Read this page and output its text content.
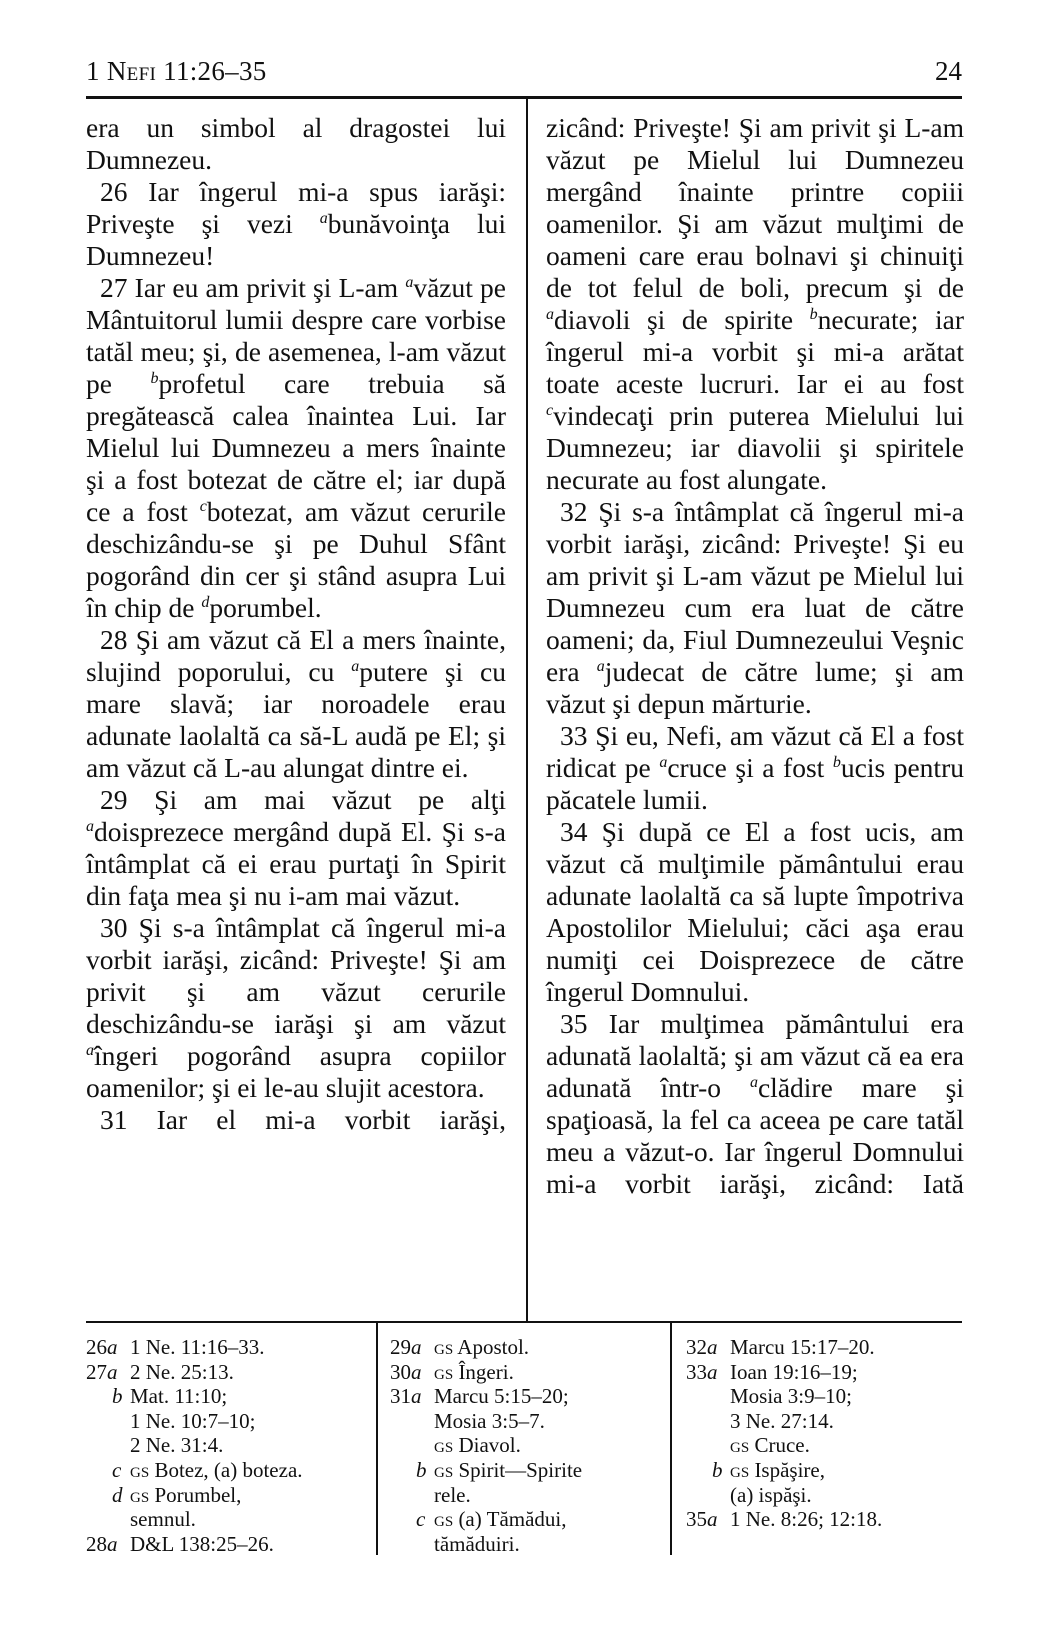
1 Nefi 11:26–35	24

era un simbol al dragostei lui Dumnezeu.

26 Iar îngerul mi-a spus iarăşi: Priveşte şi vezi $^a$bunăvoinţa lui Dumnezeu!

27 Iar eu am privit şi L-am $^a$văzut pe Mântuitorul lumii despre care vorbise tatăl meu; şi, de asemenea, l-am văzut pe $^b$profetul care trebuia să pregătească calea înaintea Lui. Iar Mielul lui Dumnezeu a mers înainte şi a fost botezat de către el; iar după ce a fost $^c$botezat, am văzut cerurile deschizându-se şi pe Duhul Sfânt pogorând din cer şi stând asupra Lui în chip de $^d$porumbel.

28 Şi am văzut că El a mers înainte, slujind poporului, cu $^a$putere şi cu mare slavă; iar noroadele erau adunate laolaltă ca să-L audă pe El; şi am văzut că L-au alungat dintre ei.

29 Şi am mai văzut pe alţi $^a$doisprezece mergând după El. Şi s-a întâmplat că ei erau purtaţi în Spirit din faţa mea şi nu i-am mai văzut.

30 Şi s-a întâmplat că îngerul mi-a vorbit iarăşi, zicând: Priveşte! Şi am privit şi am văzut cerurile deschizându-se iarăşi şi am văzut $^a$îngeri pogorând asupra copiilor oamenilor; şi ei le-au slujit acestora.

31 Iar el mi-a vorbit iarăşi,

zicând: Priveşte! Şi am privit şi L-am văzut pe Mielul lui Dumnezeu mergând înainte printre copiii oamenilor. Şi am văzut mulţimi de oameni care erau bolnavi şi chinuiţi de tot felul de boli, precum şi de $^a$diavoli şi de spirite $^b$necurate; iar îngerul mi-a vorbit şi mi-a arătat toate aceste lucruri. Iar ei au fost $^c$vindecaţi prin puterea Mielului lui Dumnezeu; iar diavolii şi spiritele necurate au fost alungate.

32 Şi s-a întâmplat că îngerul mi-a vorbit iarăşi, zicând: Priveşte! Şi eu am privit şi L-am văzut pe Mielul lui Dumnezeu cum era luat de către oameni; da, Fiul Dumnezeului Veşnic era $^a$judecat de către lume; şi am văzut şi depun mărturie.

33 Şi eu, Nefi, am văzut că El a fost ridicat pe $^a$cruce şi a fost $^b$ucis pentru păcatele lumii.

34 Şi după ce El a fost ucis, am văzut că mulţimile pământului erau adunate laolaltă ca să lupte împotriva Apostolilor Mielului; căci aşa erau numiţi cei Doisprezece de către îngerul Domnului.

35 Iar mulţimea pământului era adunată laolaltă; şi am văzut că ea era adunată într-o $^a$clădire mare şi spaţioasă, la fel ca aceea pe care tatăl meu a văzut-o. Iar îngerul Domnului mi-a vorbit iarăşi, zicând: Iată

26a 1 Ne. 11:16–33.
27a 2 Ne. 25:13.
b Mat. 11:10;
1 Ne. 10:7–10;
2 Ne. 31:4.
c gs Botez, (a) boteza.
d gs Porumbel,
semnul.
28a D&L 138:25–26.
29a gs Apostol.
30a gs Îngeri.
31a Marcu 5:15–20;
Mosia 3:5–7.
gs Diavol.
b gs Spirit—Spirite
rele.
c gs (a) Tămădui,
tămăduiri.
32a Marcu 15:17–20.
33a Ioan 19:16–19;
Mosia 3:9–10;
3 Ne. 27:14.
gs Cruce.
b gs Ispăşire,
(a) ispăşi.
35a 1 Ne. 8:26; 12:18.
